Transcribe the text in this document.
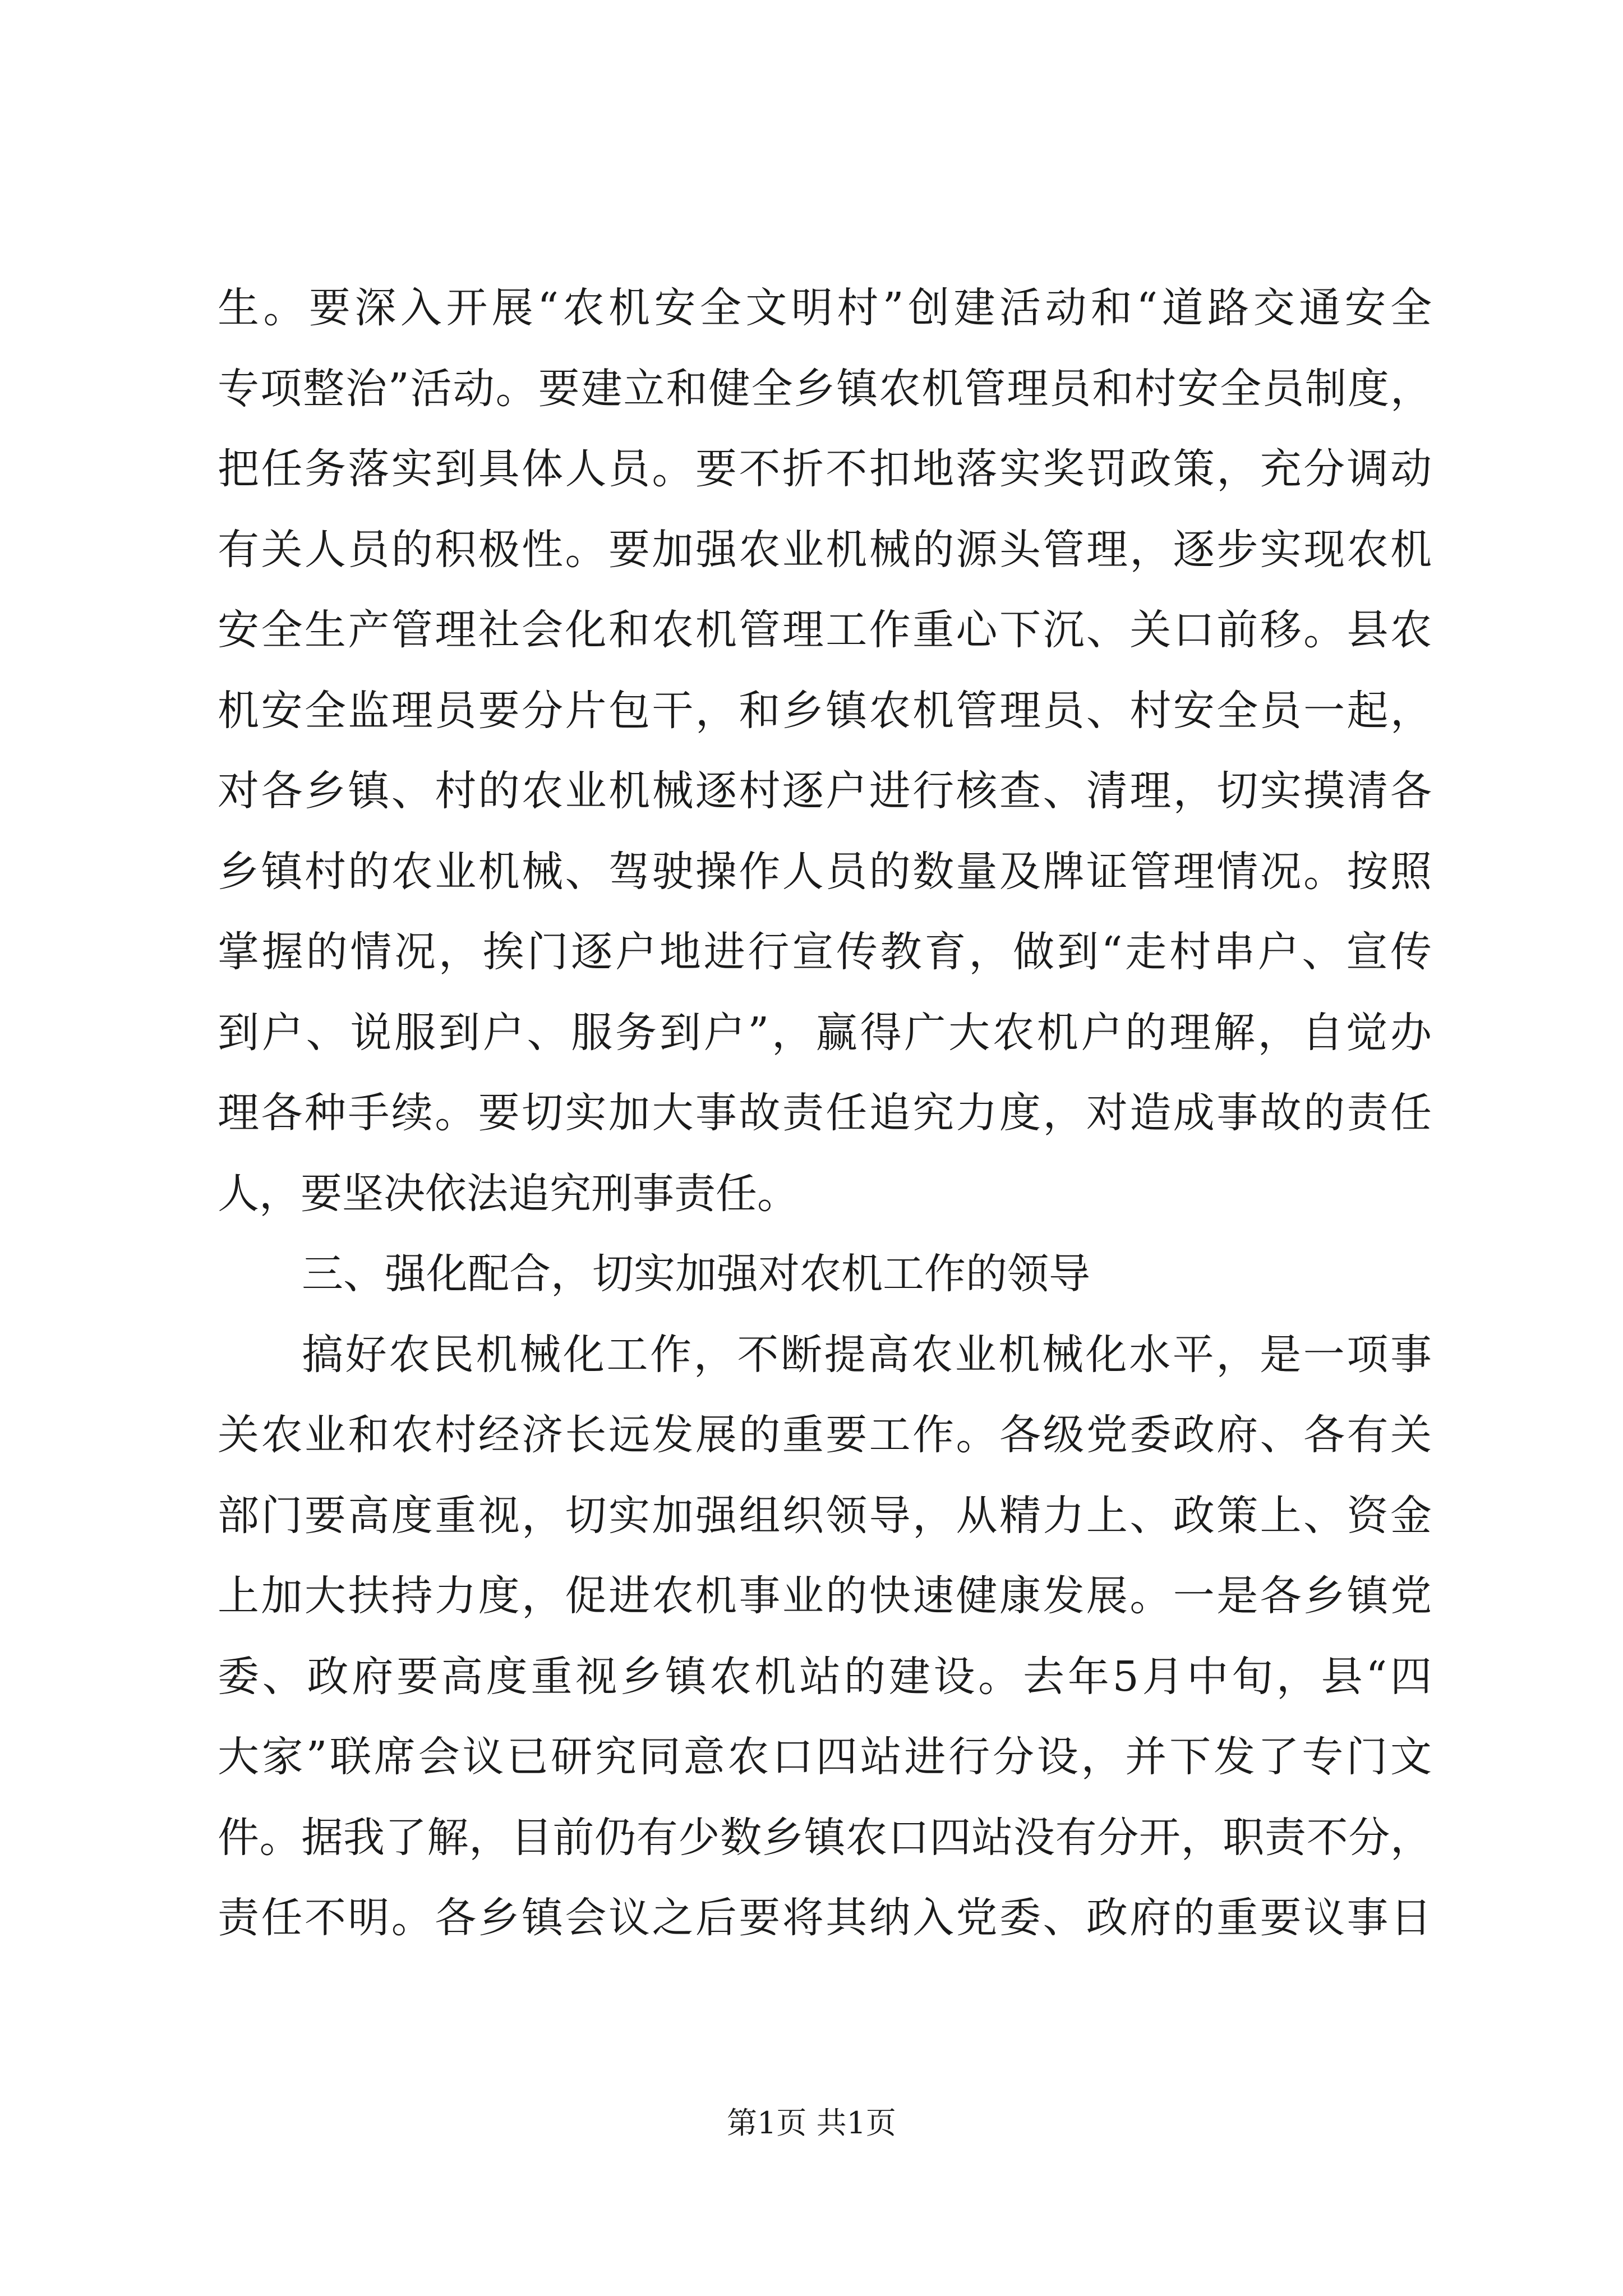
生。要深入开展“农机安全文明村”创建活动和“道路交通安全
专项整治”活动。要建立和健全乡镇农机管理员和村安全员制度，
把任务落实到具体人员。要不折不扣地落实奖罚政策，充分调动
有关人员的积极性。要加强农业机械的源头管理，逐步实现农机
安全生产管理社会化和农机管理工作重心下沉、关口前移。县农
机安全监理员要分片包干，和乡镇农机管理员、村安全员一起，
对各乡镇、村的农业机械逐村逐户进行核查、清理，切实摸清各
乡镇村的农业机械、驾驶操作人员的数量及牌证管理情况。按照
掌握的情况，挨门逐户地进行宣传教育，做到“走村串户、宣传
到户、说服到户、服务到户”，赢得广大农机户的理解，自觉办
理各种手续。要切实加大事故责任追究力度，对造成事故的责任
人，要坚决依法追究刑事责任。
三、强化配合，切实加强对农机工作的领导
搞好农民机械化工作，不断提高农业机械化水平，是一项事
关农业和农村经济长远发展的重要工作。各级党委政府、各有关
部门要高度重视，切实加强组织领导，从精力上、政策上、资金
上加大扶持力度，促进农机事业的快速健康发展。一是各乡镇党
委、政府要高度重视乡镇农机站的建设。去年5月中旬，县“四
大家”联席会议已研究同意农口四站进行分设，并下发了专门文
件。据我了解，目前仍有少数乡镇农口四站没有分开，职责不分，
责任不明。各乡镇会议之后要将其纳入党委、政府的重要议事日
第1页 共1页
